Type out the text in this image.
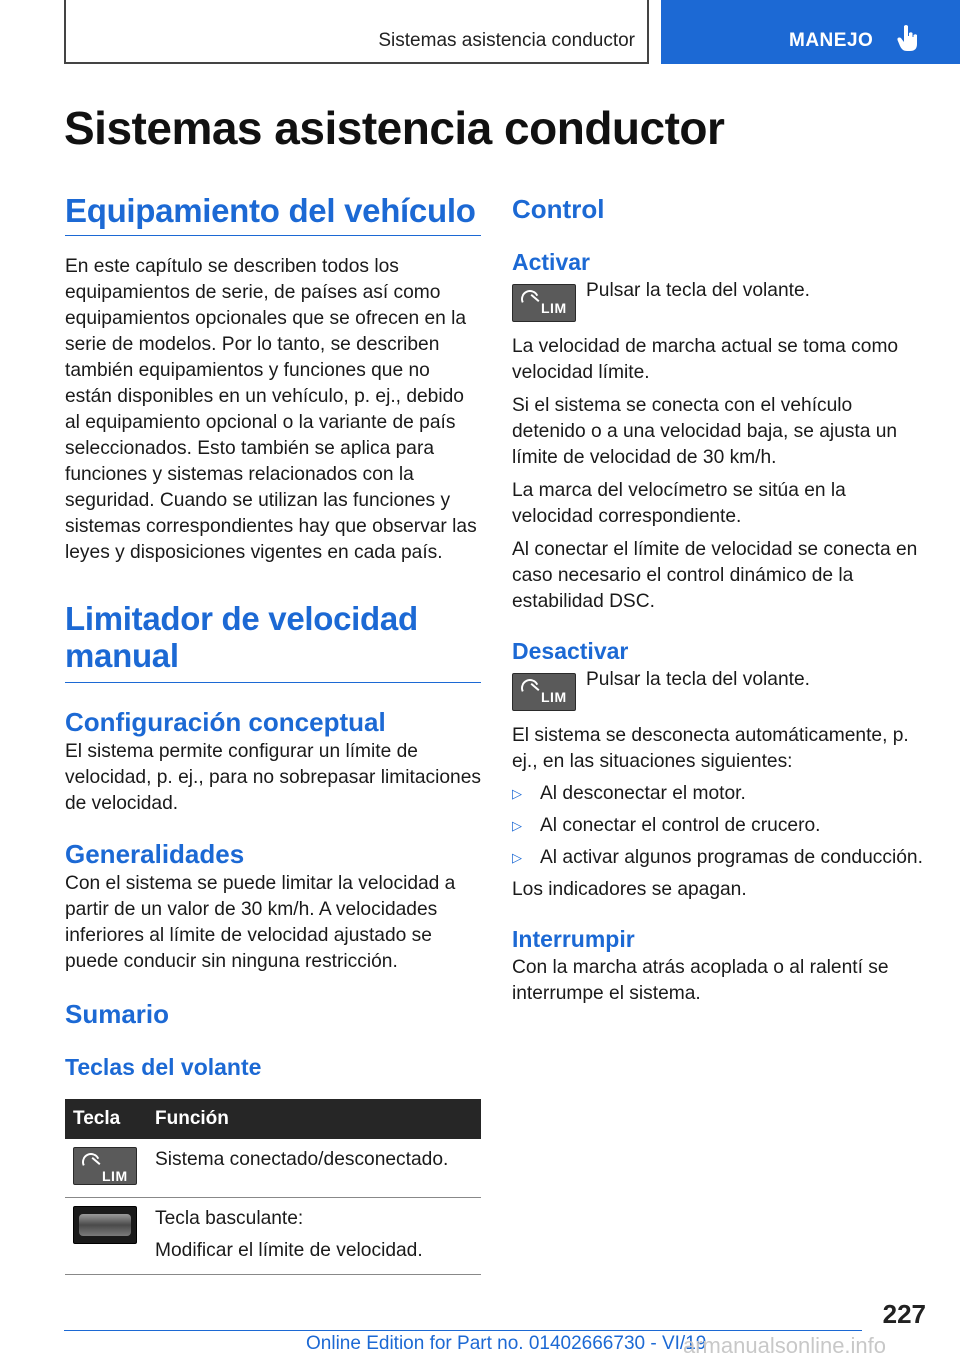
Sistemas asistencia conductor	MANEJO
Sistemas asistencia conductor
Equipamiento del vehículo
En este capítulo se describen todos los equipamientos de serie, de países así como equipamientos opcionales que se ofrecen en la serie de modelos. Por lo tanto, se describen también equipamientos y funciones que no están disponibles en un vehículo, p. ej., debido al equipamiento opcional o la variante de país seleccionados. Esto también se aplica para funciones y sistemas relacionados con la seguridad. Cuando se utilizan las funciones y sistemas correspondientes hay que observar las leyes y disposiciones vigentes en cada país.
Limitador de velocidad manual
Configuración conceptual
El sistema permite configurar un límite de velocidad, p. ej., para no sobrepasar limitaciones de velocidad.
Generalidades
Con el sistema se puede limitar la velocidad a partir de un valor de 30 km/h. A velocidades inferiores al límite de velocidad ajustado se puede conducir sin ninguna restricción.
Sumario
Teclas del volante
Tecla	Función

LIM	Sistema conectado/desconectado.

	Tecla basculante:
Modificar el límite de velocidad.
Control
Activar
LIM
Pulsar la tecla del volante.
La velocidad de marcha actual se toma como velocidad límite.
Si el sistema se conecta con el vehículo detenido o a una velocidad baja, se ajusta un límite de velocidad de 30 km/h.
La marca del velocímetro se sitúa en la velocidad correspondiente.
Al conectar el límite de velocidad se conecta en caso necesario el control dinámico de la estabilidad DSC.
Desactivar
LIM
Pulsar la tecla del volante.
El sistema se desconecta automáticamente, p. ej., en las situaciones siguientes:
▷ Al desconectar el motor.
▷ Al conectar el control de crucero.
▷ Al activar algunos programas de conducción.
Los indicadores se apagan.
Interrumpir
Con la marcha atrás acoplada o al ralentí se interrumpe el sistema.
227
Online Edition for Part no. 01402666730 - VI/19
armanualsonline.info
